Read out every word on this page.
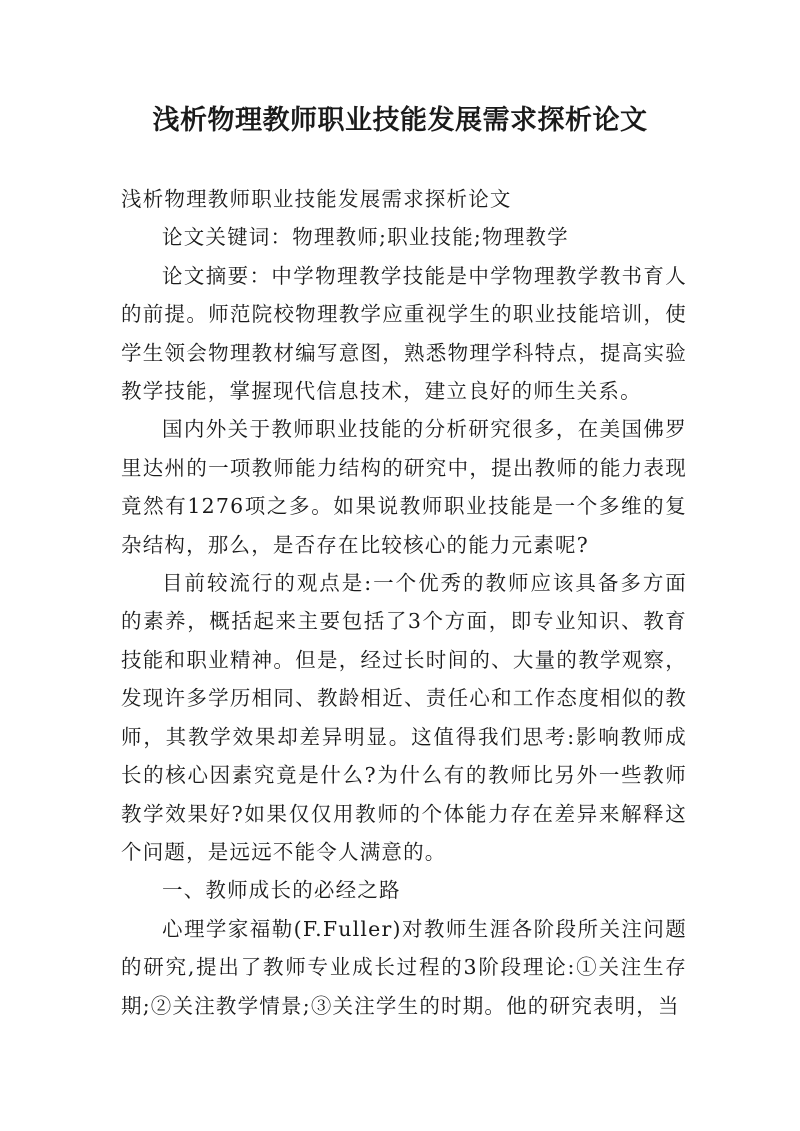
浅析物理教师职业技能发展需求探析论文

浅析物理教师职业技能发展需求探析论文

论文关键词：物理教师;职业技能;物理教学

论文摘要：中学物理教学技能是中学物理教学教书育人的前提。师范院校物理教学应重视学生的职业技能培训，使学生领会物理教材编写意图，熟悉物理学科特点，提高实验教学技能，掌握现代信息技术，建立良好的师生关系。

国内外关于教师职业技能的分析研究很多，在美国佛罗里达州的一项教师能力结构的研究中，提出教师的能力表现竟然有1276项之多。如果说教师职业技能是一个多维的复杂结构，那么，是否存在比较核心的能力元素呢?

目前较流行的观点是:一个优秀的教师应该具备多方面的素养，概括起来主要包括了3个方面，即专业知识、教育技能和职业精神。但是，经过长时间的、大量的教学观察，发现许多学历相同、教龄相近、责任心和工作态度相似的教师，其教学效果却差异明显。这值得我们思考:影响教师成长的核心因素究竟是什么?为什么有的教师比另外一些教师教学效果好?如果仅仅用教师的个体能力存在差异来解释这个问题，是远远不能令人满意的。

一、教师成长的必经之路

心理学家福勒(F.Fuller)对教师生涯各阶段所关注问题的研究,提出了教师专业成长过程的3阶段理论:①关注生存期;②关注教学情景;③关注学生的时期。他的研究表明，当
